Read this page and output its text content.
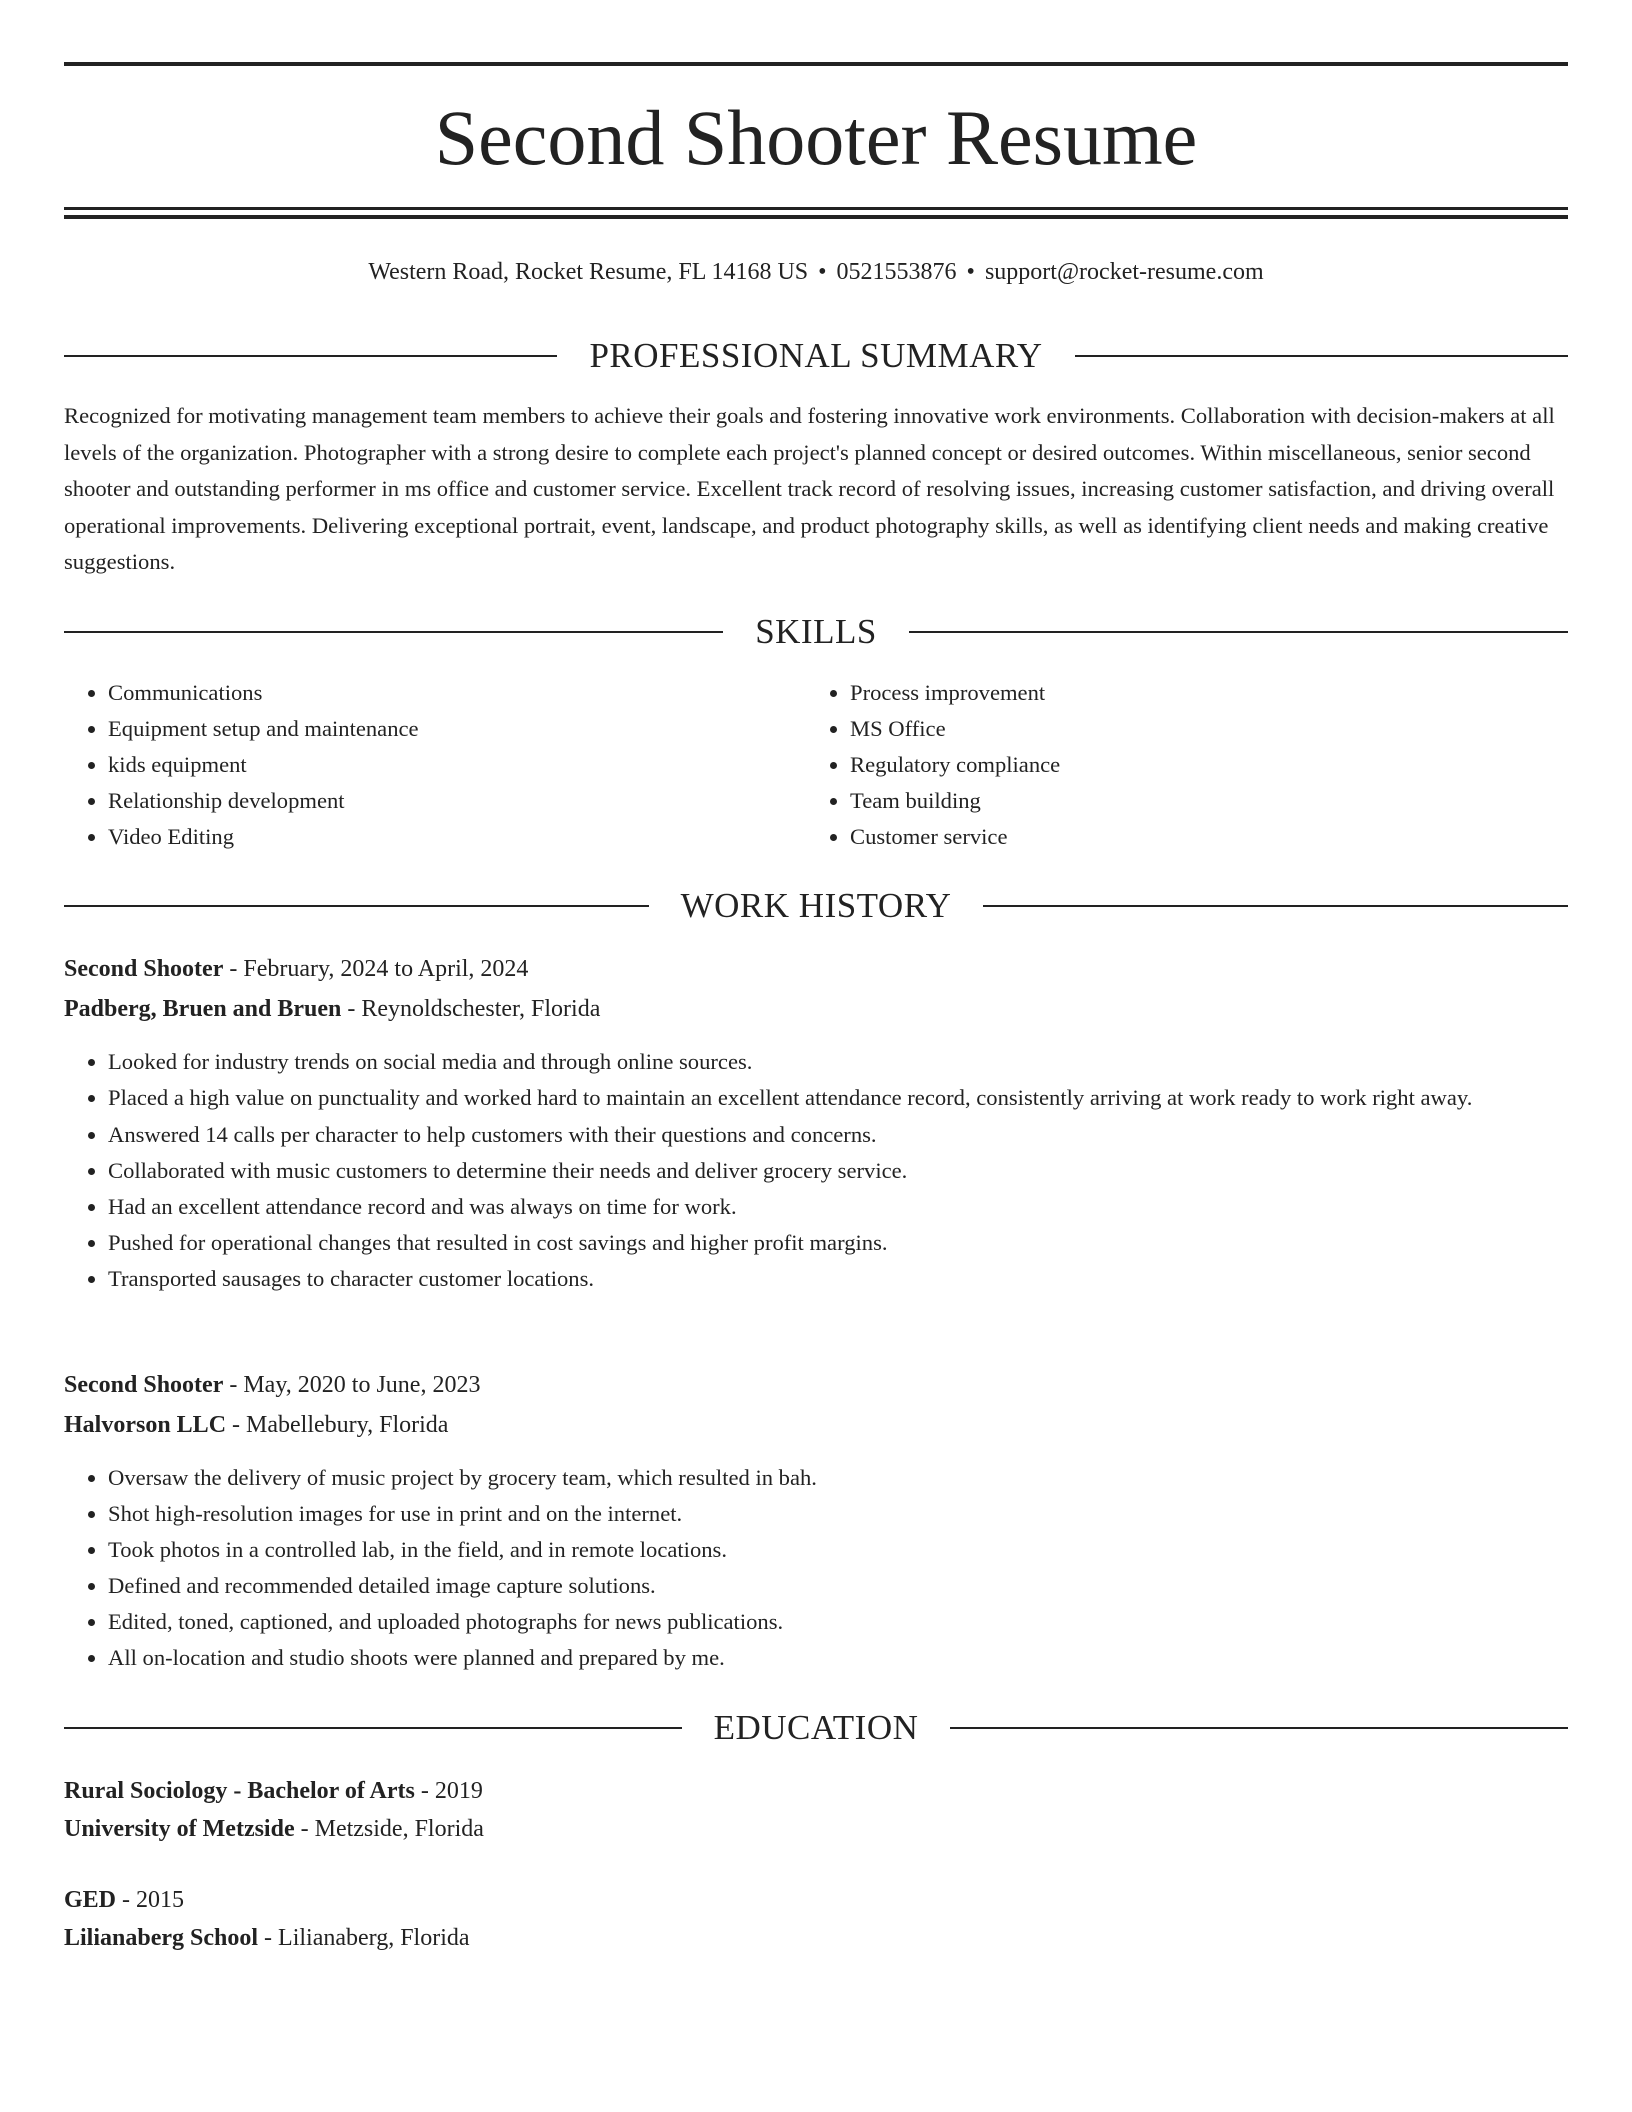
Second Shooter Resume
Western Road, Rocket Resume, FL 14168 US • 0521553876 • support@rocket-resume.com
PROFESSIONAL SUMMARY
Recognized for motivating management team members to achieve their goals and fostering innovative work environments. Collaboration with decision-makers at all levels of the organization. Photographer with a strong desire to complete each project's planned concept or desired outcomes. Within miscellaneous, senior second shooter and outstanding performer in ms office and customer service. Excellent track record of resolving issues, increasing customer satisfaction, and driving overall operational improvements. Delivering exceptional portrait, event, landscape, and product photography skills, as well as identifying client needs and making creative suggestions.
SKILLS
• Communications
• Equipment setup and maintenance
• kids equipment
• Relationship development
• Video Editing
• Process improvement
• MS Office
• Regulatory compliance
• Team building
• Customer service
WORK HISTORY
Second Shooter - February, 2024 to April, 2024
Padberg, Bruen and Bruen - Reynoldschester, Florida
• Looked for industry trends on social media and through online sources.
• Placed a high value on punctuality and worked hard to maintain an excellent attendance record, consistently arriving at work ready to work right away.
• Answered 14 calls per character to help customers with their questions and concerns.
• Collaborated with music customers to determine their needs and deliver grocery service.
• Had an excellent attendance record and was always on time for work.
• Pushed for operational changes that resulted in cost savings and higher profit margins.
• Transported sausages to character customer locations.
Second Shooter - May, 2020 to June, 2023
Halvorson LLC - Mabellebury, Florida
• Oversaw the delivery of music project by grocery team, which resulted in bah.
• Shot high-resolution images for use in print and on the internet.
• Took photos in a controlled lab, in the field, and in remote locations.
• Defined and recommended detailed image capture solutions.
• Edited, toned, captioned, and uploaded photographs for news publications.
• All on-location and studio shoots were planned and prepared by me.
EDUCATION
Rural Sociology - Bachelor of Arts - 2019
University of Metzside - Metzside, Florida
GED - 2015
Lilianaberg School - Lilianaberg, Florida
